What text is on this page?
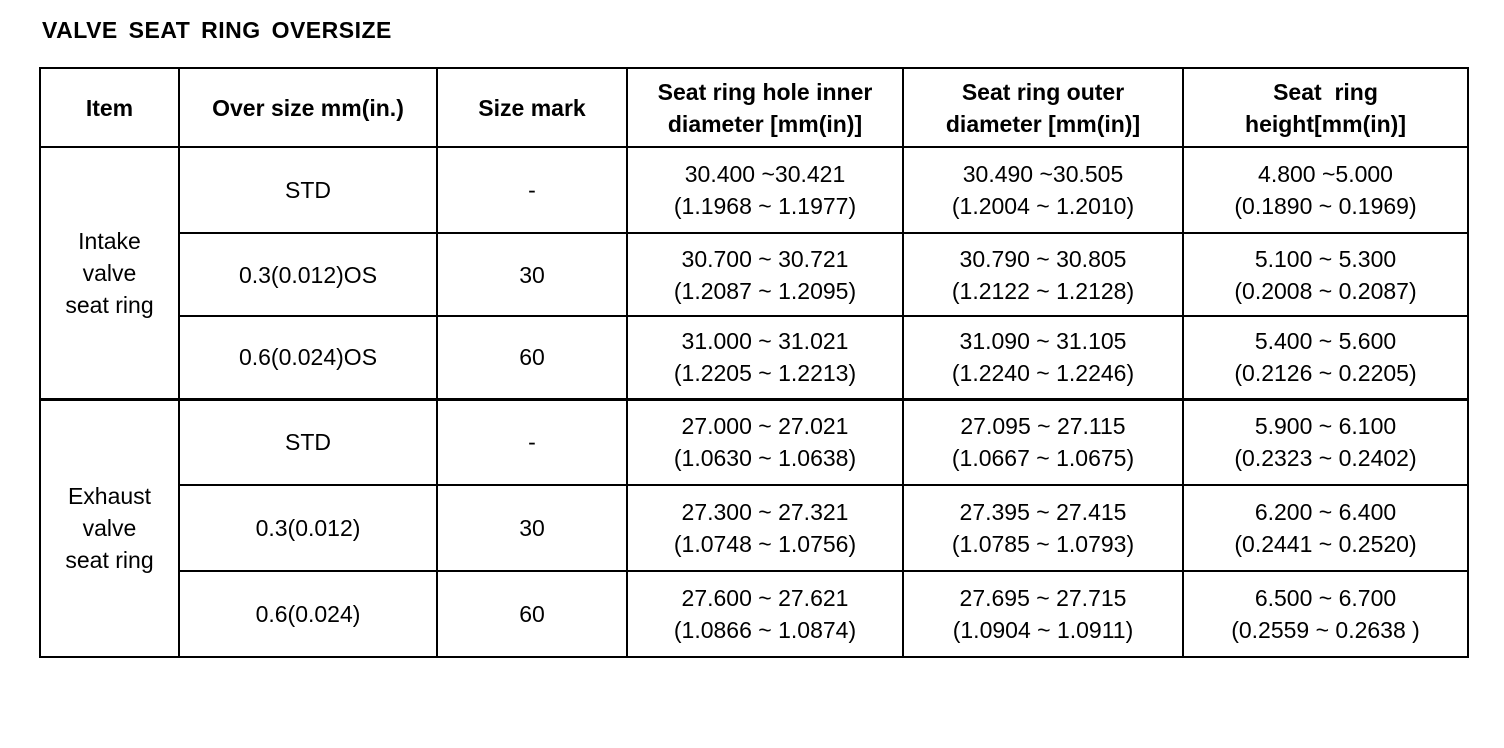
VALVE SEAT RING OVERSIZE
Item	Over size mm(in.)	Size mark	Seat ring hole inner
diameter [mm(in)]	Seat ring outer
diameter [mm(in)]	Seat  ring
height[mm(in)]

Intake
valve
seat ring	STD	-	30.400 ~30.421
(1.1968 ~ 1.1977)	30.490 ~30.505
(1.2004 ~ 1.2010)	4.800 ~5.000
(0.1890 ~ 0.1969)

	0.3(0.012)OS	30	30.700 ~ 30.721
(1.2087 ~ 1.2095)	30.790 ~ 30.805
(1.2122 ~ 1.2128)	5.100 ~ 5.300
(0.2008 ~ 0.2087)

	0.6(0.024)OS	60	31.000 ~ 31.021
(1.2205 ~ 1.2213)	31.090 ~ 31.105
(1.2240 ~ 1.2246)	5.400 ~ 5.600
(0.2126 ~ 0.2205)

Exhaust
valve
seat ring	STD	-	27.000 ~ 27.021
(1.0630 ~ 1.0638)	27.095 ~ 27.115
(1.0667 ~ 1.0675)	5.900 ~ 6.100
(0.2323 ~ 0.2402)

	0.3(0.012)	30	27.300 ~ 27.321
(1.0748 ~ 1.0756)	27.395 ~ 27.415
(1.0785 ~ 1.0793)	6.200 ~ 6.400
(0.2441 ~ 0.2520)

	0.6(0.024)	60	27.600 ~ 27.621
(1.0866 ~ 1.0874)	27.695 ~ 27.715
(1.0904 ~ 1.0911)	6.500 ~ 6.700
(0.2559 ~ 0.2638 )
